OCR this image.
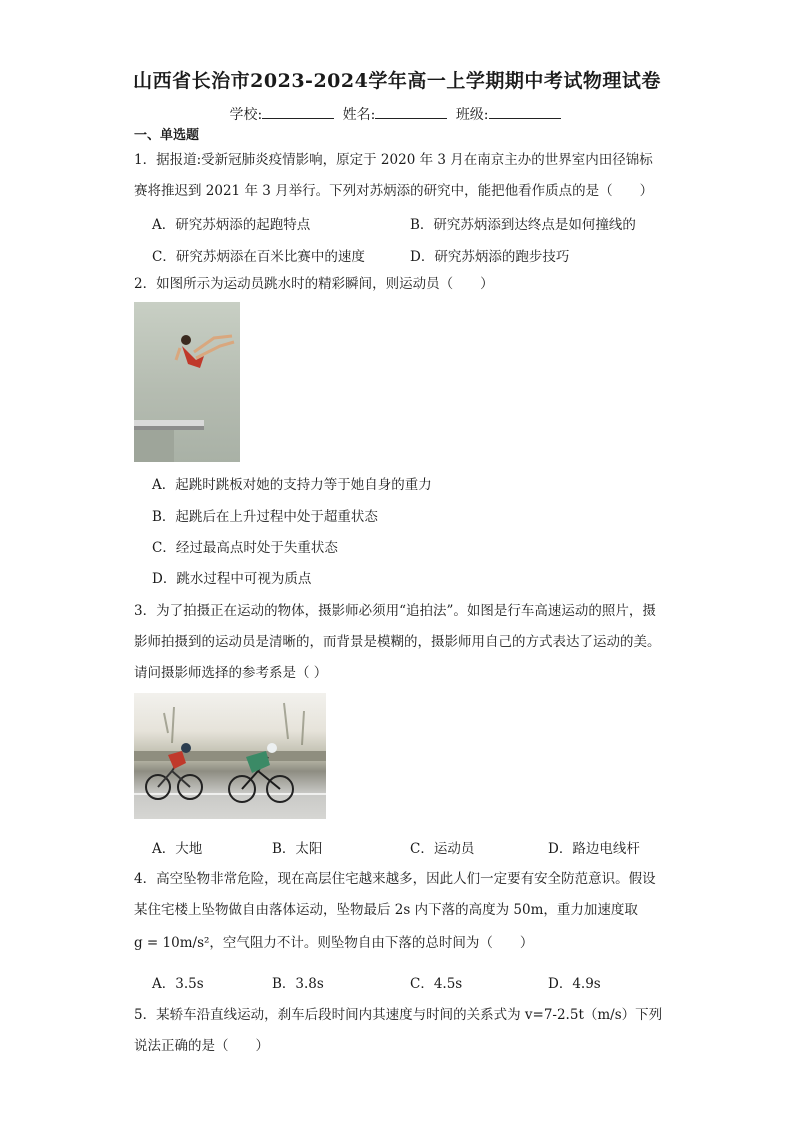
山西省长治市2023-2024学年高一上学期期中考试物理试卷
学校:	姓名:	班级:
一、单选题
1．据报道:受新冠肺炎疫情影响，原定于 2020 年 3 月在南京主办的世界室内田径锦标赛将推迟到 2021 年 3 月举行。下列对苏炳添的研究中，能把他看作质点的是（　　）
A．研究苏炳添的起跑特点	B．研究苏炳添到达终点是如何撞线的
C．研究苏炳添在百米比赛中的速度	D．研究苏炳添的跑步技巧
2．如图所示为运动员跳水时的精彩瞬间，则运动员（　　）
A．起跳时跳板对她的支持力等于她自身的重力
B．起跳后在上升过程中处于超重状态
C．经过最高点时处于失重状态
D．跳水过程中可视为质点
3．为了拍摄正在运动的物体，摄影师必须用“追拍法”。如图是行车高速运动的照片，摄影师拍摄到的运动员是清晰的，而背景是模糊的，摄影师用自己的方式表达了运动的美。请问摄影师选择的参考系是（ ）
A．大地	B．太阳	C．运动员	D．路边电线杆
4．高空坠物非常危险，现在高层住宅越来越多，因此人们一定要有安全防范意识。假设某住宅楼上坠物做自由落体运动，坠物最后 2s 内下落的高度为 50m，重力加速度取
g = 10m/s²，空气阻力不计。则坠物自由下落的总时间为（　　）
A．3.5s	B．3.8s	C．4.5s	D．4.9s
5．某轿车沿直线运动，刹车后段时间内其速度与时间的关系式为 v=7-2.5t（m/s）下列说法正确的是（　　）
